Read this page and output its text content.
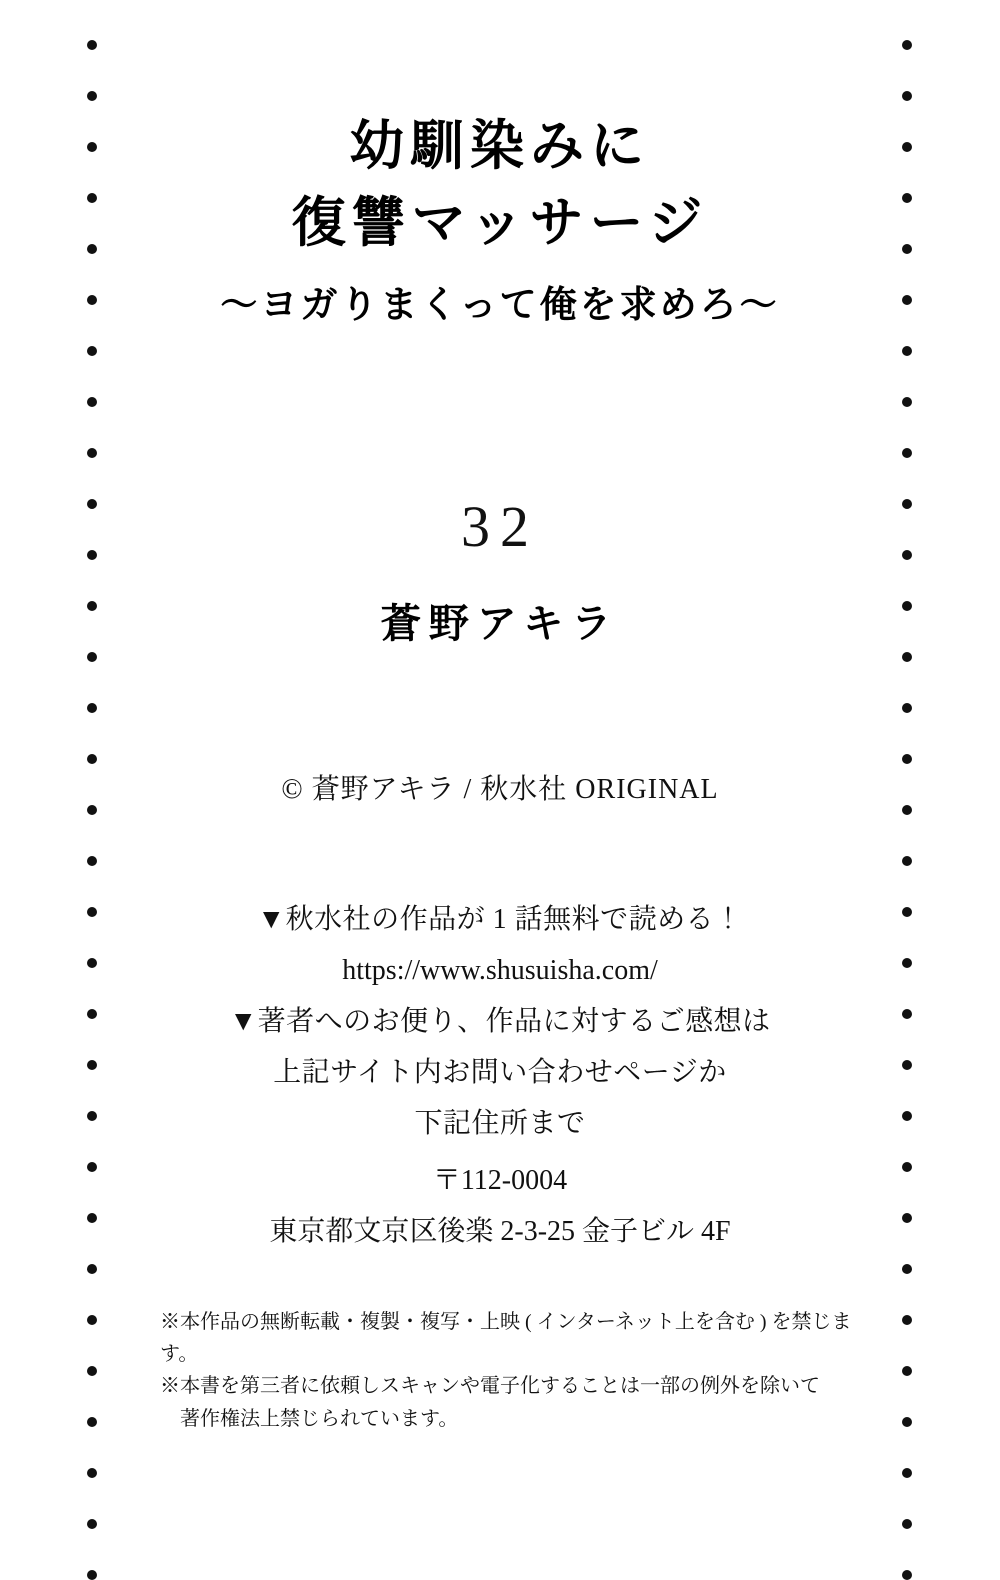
幼馴染みに
復讐マッサージ
〜ヨガりまくって俺を求めろ〜
32
蒼野アキラ
© 蒼野アキラ / 秋水社 ORIGINAL
▼秋水社の作品が 1 話無料で読める！
https://www.shusuisha.com/
▼著者へのお便り、作品に対するご感想は
上記サイト内お問い合わせページか
下記住所まで
〒112-0004
東京都文京区後楽 2-3-25 金子ビル 4F
※本作品の無断転載・複製・複写・上映 ( インターネット上を含む ) を禁じます。
※本書を第三者に依頼しスキャンや電子化することは一部の例外を除いて
著作権法上禁じられています。
